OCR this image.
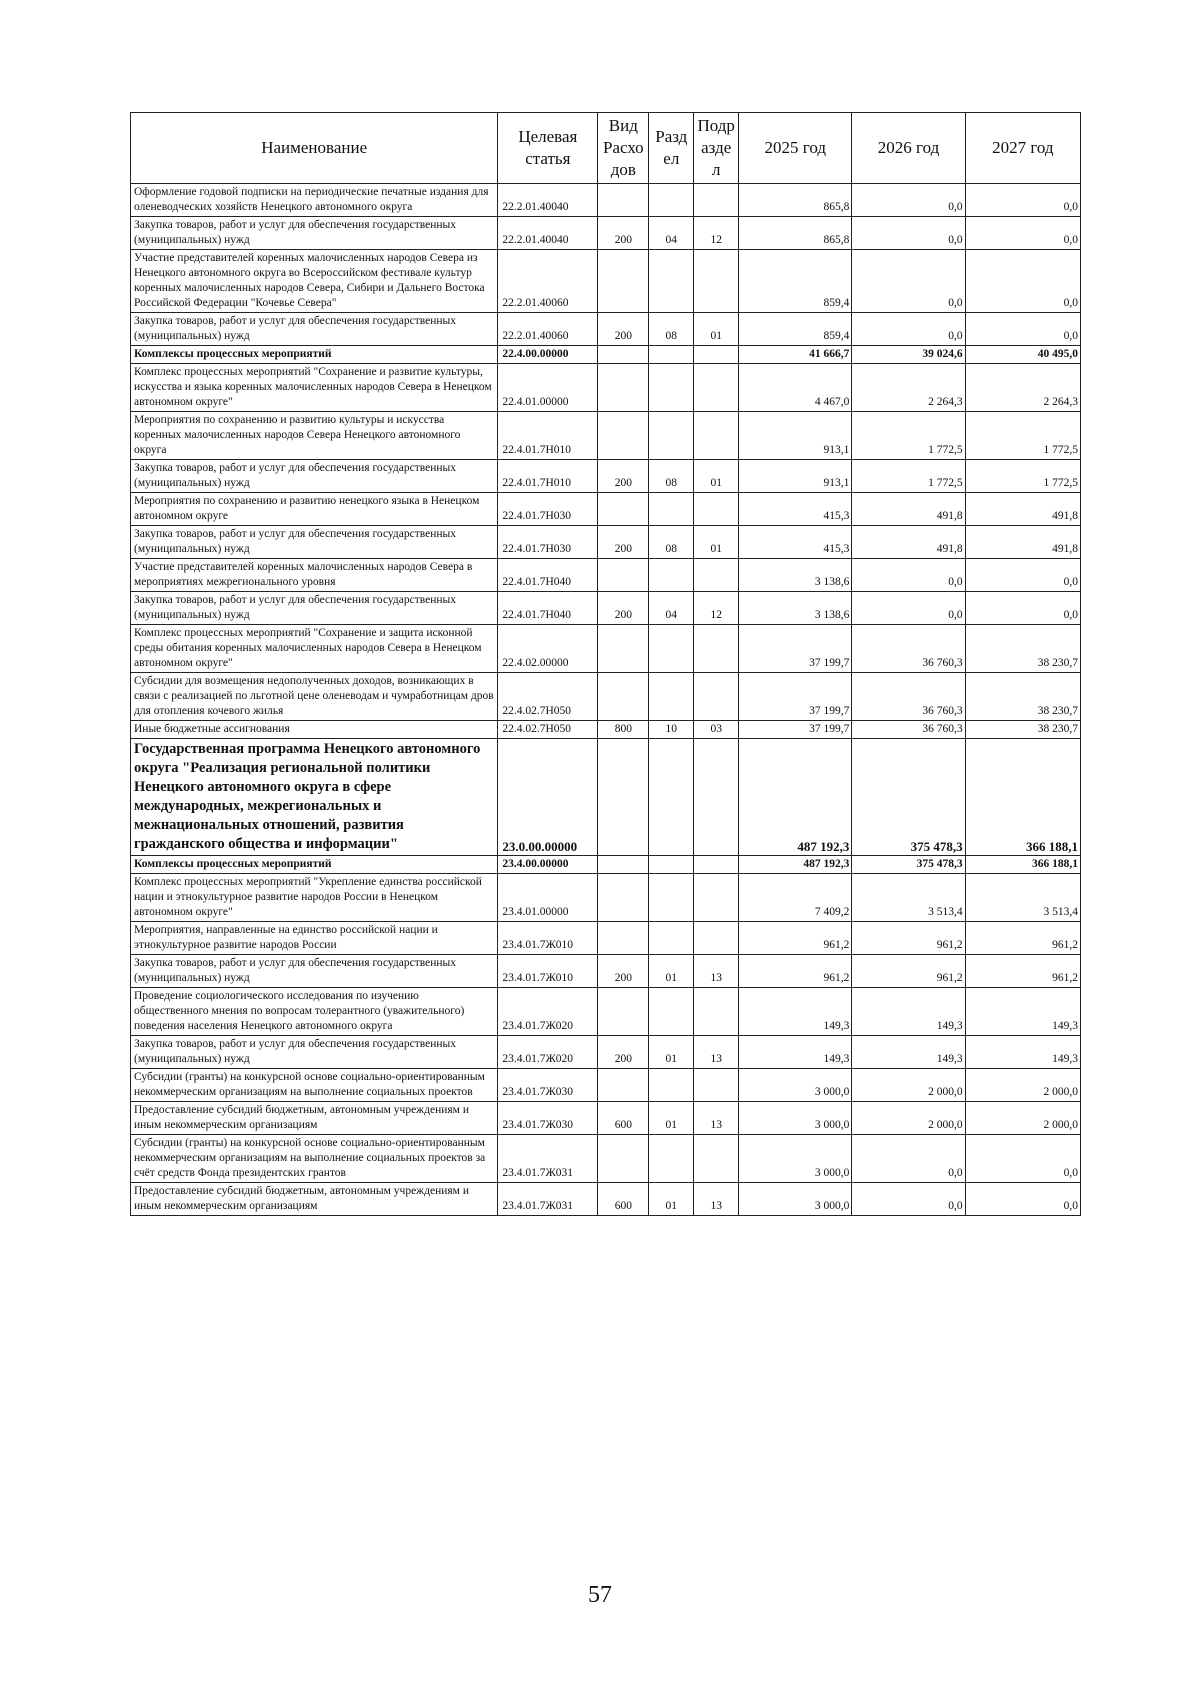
Наименование	Целевая статья	Вид Расхо дов	Разд ел	Подр азде л	2025 год	2026 год	2027 год
Оформление годовой подписки на периодические печатные издания для оленеводческих хозяйств Ненецкого автономного округа	22.2.01.40040				865,8	0,0	0,0
Закупка товаров, работ и услуг для обеспечения государственных (муниципальных) нужд	22.2.01.40040	200	04	12	865,8	0,0	0,0
Участие представителей коренных малочисленных народов Севера из Ненецкого автономного округа во Всероссийском фестивале культур коренных малочисленных народов Севера, Сибири и Дальнего Востока Российской Федерации "Кочевье Севера"	22.2.01.40060				859,4	0,0	0,0
Закупка товаров, работ и услуг для обеспечения государственных (муниципальных) нужд	22.2.01.40060	200	08	01	859,4	0,0	0,0
Комплексы процессных мероприятий	22.4.00.00000				41 666,7	39 024,6	40 495,0
Комплекс процессных мероприятий "Сохранение и развитие культуры, искусства и языка коренных малочисленных народов Севера в Ненецком автономном округе"	22.4.01.00000				4 467,0	2 264,3	2 264,3
Мероприятия по сохранению и развитию культуры и искусства коренных малочисленных народов Севера Ненецкого автономного округа	22.4.01.7Н010				913,1	1 772,5	1 772,5
Закупка товаров, работ и услуг для обеспечения государственных (муниципальных) нужд	22.4.01.7Н010	200	08	01	913,1	1 772,5	1 772,5
Мероприятия по сохранению и развитию ненецкого языка в Ненецком автономном округе	22.4.01.7Н030				415,3	491,8	491,8
Закупка товаров, работ и услуг для обеспечения государственных (муниципальных) нужд	22.4.01.7Н030	200	08	01	415,3	491,8	491,8
Участие представителей коренных малочисленных народов Севера в мероприятиях межрегионального уровня	22.4.01.7Н040				3 138,6	0,0	0,0
Закупка товаров, работ и услуг для обеспечения государственных (муниципальных) нужд	22.4.01.7Н040	200	04	12	3 138,6	0,0	0,0
Комплекс процессных мероприятий "Сохранение и защита исконной среды обитания коренных малочисленных народов Севера в Ненецком автономном округе"	22.4.02.00000				37 199,7	36 760,3	38 230,7
Субсидии для возмещения недополученных доходов, возникающих в связи с реализацией по льготной цене оленеводам и чумработницам дров для отопления кочевого жилья	22.4.02.7Н050				37 199,7	36 760,3	38 230,7
Иные бюджетные ассигнования	22.4.02.7Н050	800	10	03	37 199,7	36 760,3	38 230,7
Государственная программа Ненецкого автономного округа "Реализация региональной политики Ненецкого автономного округа в сфере международных, межрегиональных и межнациональных отношений, развития гражданского общества и информации"	23.0.00.00000				487 192,3	375 478,3	366 188,1
Комплексы процессных мероприятий	23.4.00.00000				487 192,3	375 478,3	366 188,1
Комплекс процессных мероприятий "Укрепление единства российской нации и этнокультурное развитие народов России в Ненецком автономном округе"	23.4.01.00000				7 409,2	3 513,4	3 513,4
Мероприятия, направленные на единство российской нации и этнокультурное развитие народов России	23.4.01.7Ж010				961,2	961,2	961,2
Закупка товаров, работ и услуг для обеспечения государственных (муниципальных) нужд	23.4.01.7Ж010	200	01	13	961,2	961,2	961,2
Проведение социологического исследования по изучению общественного мнения по вопросам толерантного (уважительного) поведения населения Ненецкого автономного округа	23.4.01.7Ж020				149,3	149,3	149,3
Закупка товаров, работ и услуг для обеспечения государственных (муниципальных) нужд	23.4.01.7Ж020	200	01	13	149,3	149,3	149,3
Субсидии (гранты) на конкурсной основе социально-ориентированным некоммерческим организациям на выполнение социальных проектов	23.4.01.7Ж030				3 000,0	2 000,0	2 000,0
Предоставление субсидий бюджетным, автономным учреждениям и иным некоммерческим организациям	23.4.01.7Ж030	600	01	13	3 000,0	2 000,0	2 000,0
Субсидии (гранты) на конкурсной основе социально-ориентированным некоммерческим организациям на выполнение социальных проектов за счёт средств Фонда президентских грантов	23.4.01.7Ж031				3 000,0	0,0	0,0
Предоставление субсидий бюджетным, автономным учреждениям и иным некоммерческим организациям	23.4.01.7Ж031	600	01	13	3 000,0	0,0	0,0
57
